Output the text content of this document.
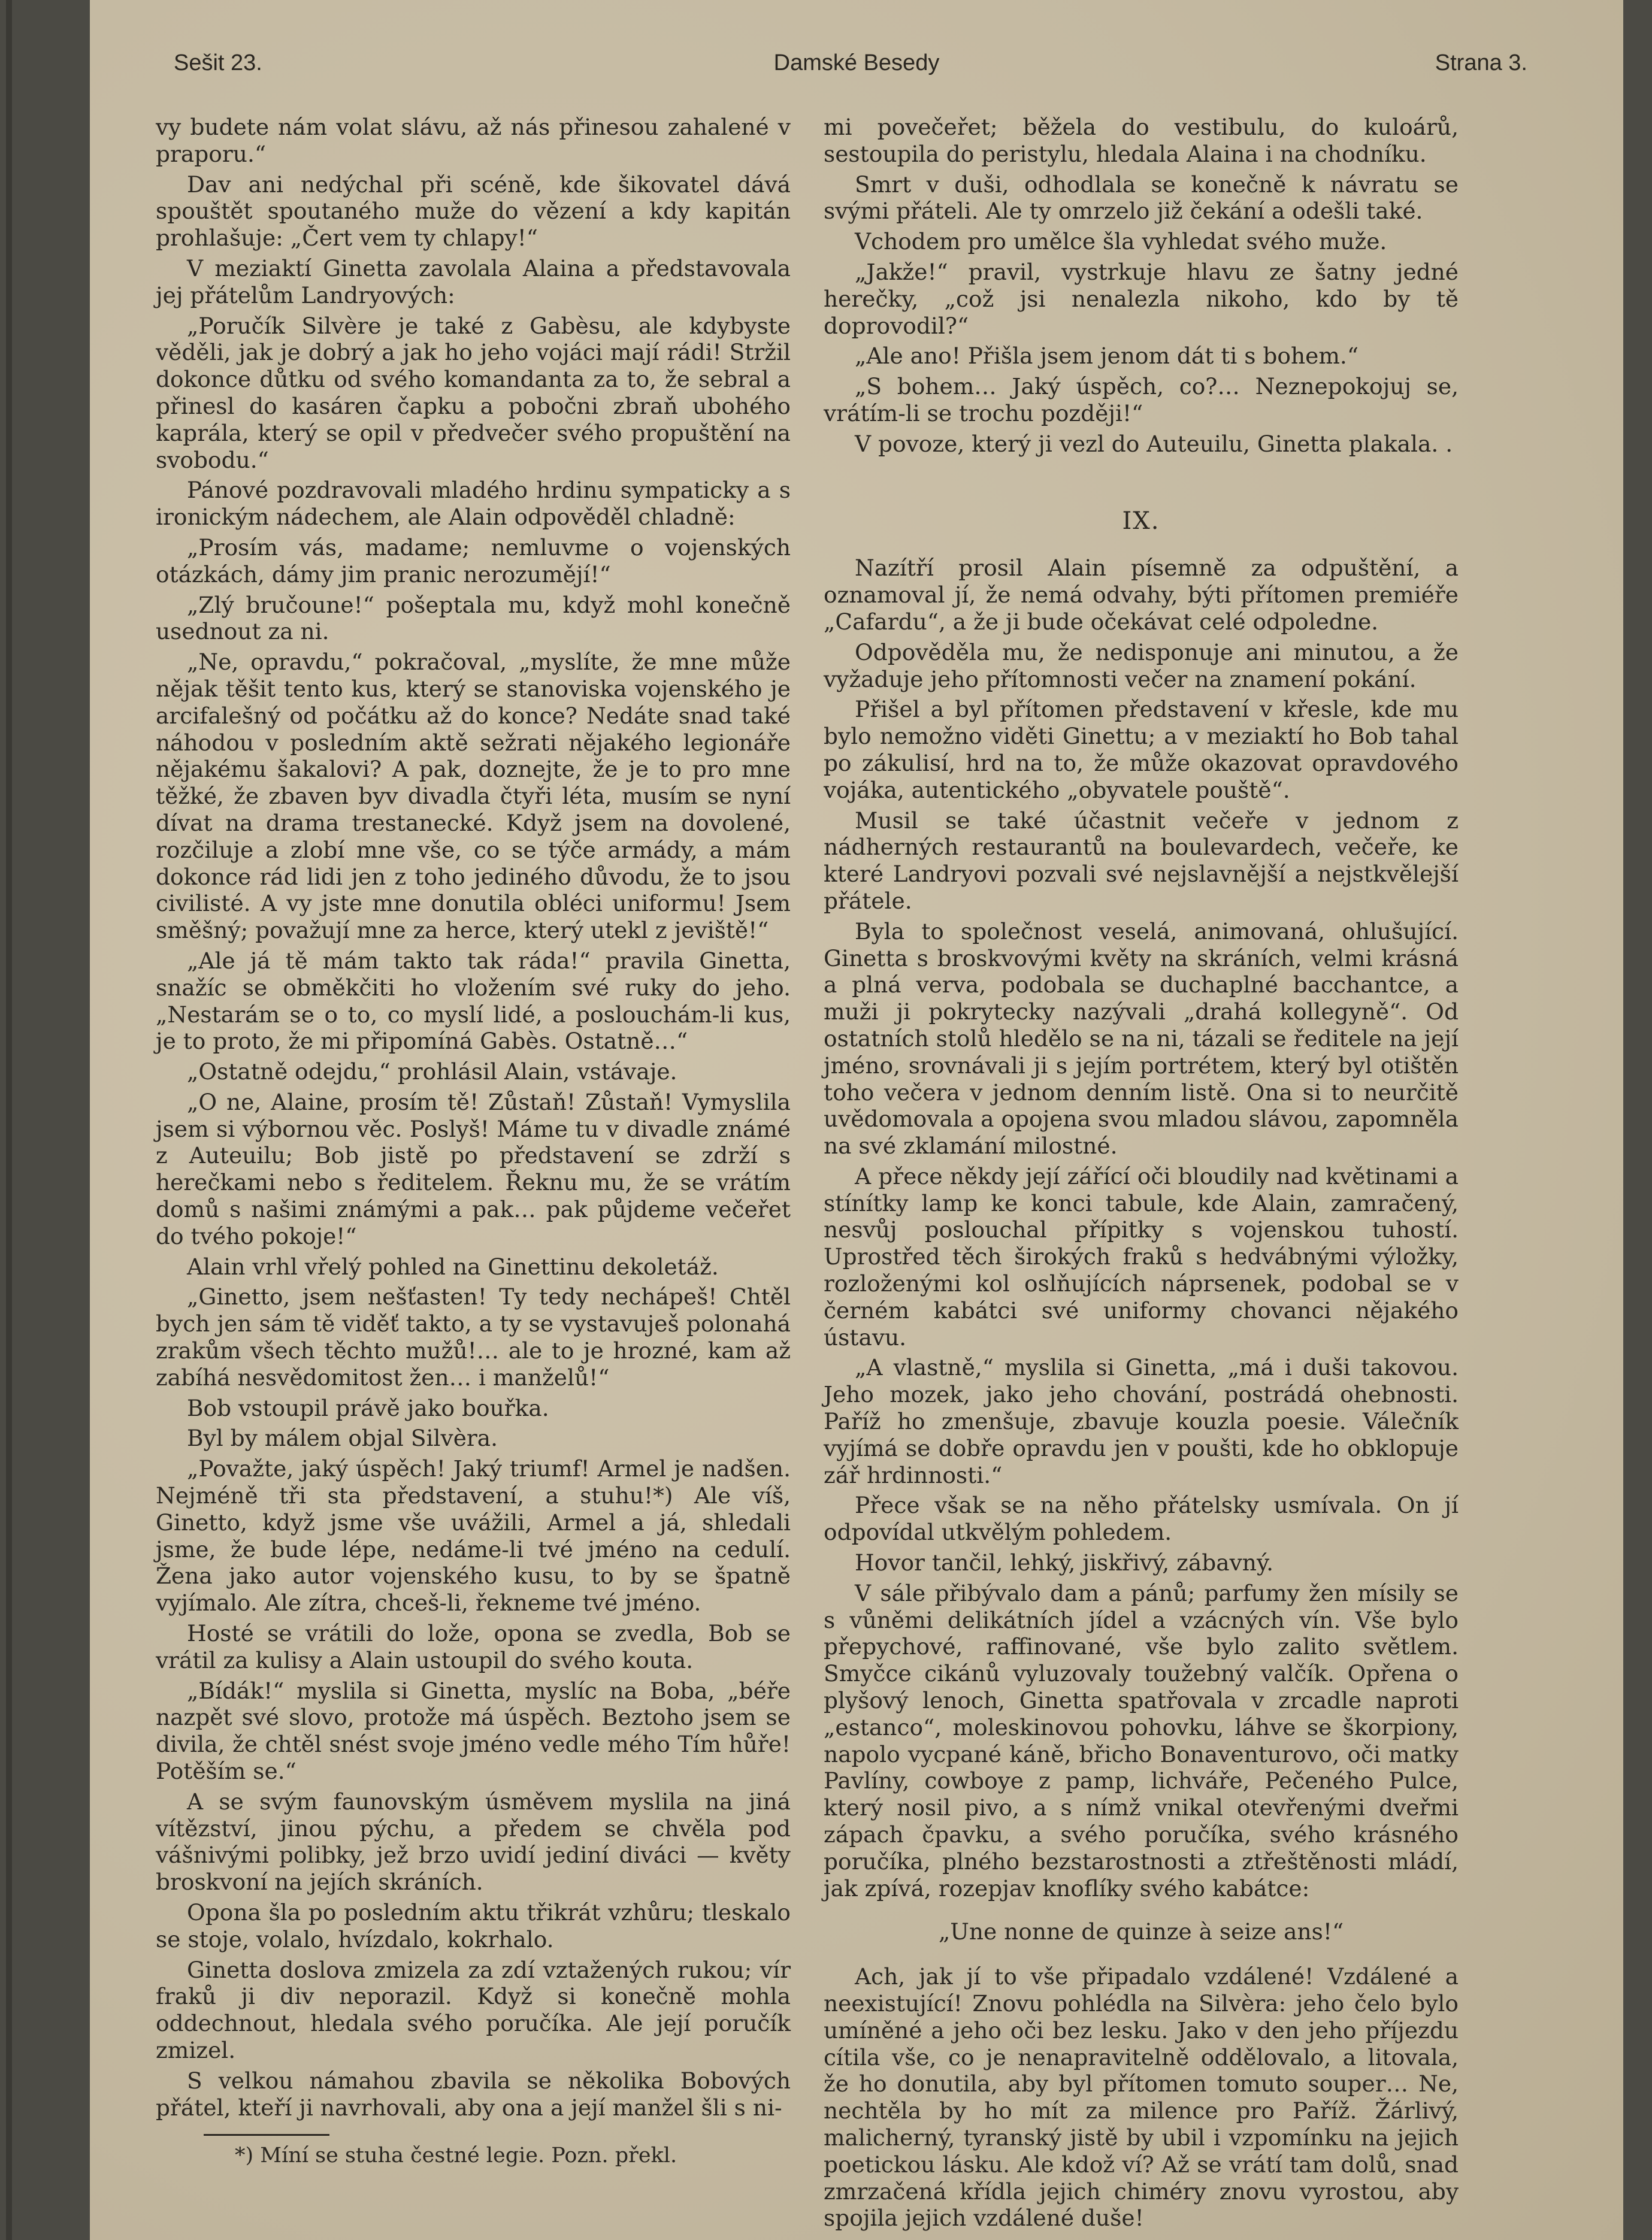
Sešit 23.	Damské Besedy	Strana 3.

vy budete nám volat slávu, až nás přinesou zahalené v praporu.“

Dav ani nedýchal při scéně, kde šikovatel dává spouštět spoutaného muže do vězení a kdy kapitán prohlašuje: „Čert vem ty chlapy!“

V meziaktí Ginetta zavolala Alaina a představovala jej přátelům Landryových:

„Poručík Silvère je také z Gabèsu, ale kdybyste věděli, jak je dobrý a jak ho jeho vojáci mají rádi! Stržil dokonce důtku od svého komandanta za to, že sebral a přinesl do kasáren čapku a pobočni zbraň ubohého kaprála, který se opil v předvečer svého propuštění na svobodu.“

Pánové pozdravovali mladého hrdinu sympaticky a s ironickým nádechem, ale Alain odpověděl chladně:

„Prosím vás, madame; nemluvme o vojenských otázkách, dámy jim pranic nerozumějí!“

„Zlý bručoune!“ pošeptala mu, když mohl konečně usednout za ni.

„Ne, opravdu,“ pokračoval, „myslíte, že mne může nějak těšit tento kus, který se stanoviska vojenského je arcifalešný od počátku až do konce? Nedáte snad také náhodou v posledním aktě sežrati nějakého legionáře nějakému šakalovi? A pak, doznejte, že je to pro mne těžké, že zbaven byv divadla čtyři léta, musím se nyní dívat na drama trestanecké. Když jsem na dovolené, rozčiluje a zlobí mne vše, co se týče armády, a mám dokonce rád lidi jen z toho jediného důvodu, že to jsou civilisté. A vy jste mne donutila obléci uniformu! Jsem směšný; považují mne za herce, který utekl z jeviště!“

„Ale já tě mám takto tak ráda!“ pravila Ginetta, snažíc se obměkčiti ho vložením své ruky do jeho. „Nestarám se o to, co myslí lidé, a poslouchám-li kus, je to proto, že mi připomíná Gabès. Ostatně…“

„Ostatně odejdu,“ prohlásil Alain, vstávaje.

„O ne, Alaine, prosím tě! Zůstaň! Zůstaň! Vymyslila jsem si výbornou věc. Poslyš! Máme tu v divadle známé z Auteuilu; Bob jistě po představení se zdrží s herečkami nebo s ředitelem. Řeknu mu, že se vrátím domů s našimi známými a pak… pak půjdeme večeřet do tvého pokoje!“

Alain vrhl vřelý pohled na Ginettinu dekoletáž.

„Ginetto, jsem nešťasten! Ty tedy nechápeš! Chtěl bych jen sám tě viděť takto, a ty se vystavuješ polonahá zrakům všech těchto mužů!… ale to je hrozné, kam až zabíhá nesvědomitost žen… i manželů!“

Bob vstoupil právě jako bouřka.

Byl by málem objal Silvèra.

„Považte, jaký úspěch! Jaký triumf! Armel je nadšen. Nejméně tři sta představení, a stuhu!*) Ale víš, Ginetto, když jsme vše uvážili, Armel a já, shledali jsme, že bude lépe, nedáme-li tvé jméno na cedulí. Žena jako autor vojenského kusu, to by se špatně vyjímalo. Ale zítra, chceš-li, řekneme tvé jméno.

Hosté se vrátili do lože, opona se zvedla, Bob se vrátil za kulisy a Alain ustoupil do svého kouta.

„Bídák!“ myslila si Ginetta, myslíc na Boba, „béře nazpět své slovo, protože má úspěch. Beztoho jsem se divila, že chtěl snést svoje jméno vedle mého Tím hůře! Potěším se.“

A se svým faunovským úsměvem myslila na jiná vítězství, jinou pýchu, a předem se chvěla pod vášnivými polibky, jež brzo uvidí jediní diváci — květy broskvoní na jejích skráních.

Opona šla po posledním aktu třikrát vzhůru; tleskalo se stoje, volalo, hvízdalo, kokrhalo.

Ginetta doslova zmizela za zdí vztažených rukou; vír fraků ji div neporazil. Když si konečně mohla oddechnout, hledala svého poručíka. Ale její poručík zmizel.

S velkou námahou zbavila se několika Bobových přátel, kteří ji navrhovali, aby ona a její manžel šli s ni-

*) Míní se stuha čestné legie. Pozn. překl.

mi povečeřet; běžela do vestibulu, do kuloárů, sestoupila do peristylu, hledala Alaina i na chodníku.

Smrt v duši, odhodlala se konečně k návratu se svými přáteli. Ale ty omrzelo již čekání a odešli také.

Vchodem pro umělce šla vyhledat svého muže.

„Jakže!“ pravil, vystrkuje hlavu ze šatny jedné herečky, „což jsi nenalezla nikoho, kdo by tě doprovodil?“

„Ale ano! Přišla jsem jenom dát ti s bohem.“

„S bohem… Jaký úspěch, co?… Neznepokojuj se, vrátím-li se trochu později!“

V povoze, který ji vezl do Auteuilu, Ginetta plakala. .

IX.

Nazítří prosil Alain písemně za odpuštění, a oznamoval jí, že nemá odvahy, býti přítomen premiéře „Cafardu“, a že ji bude očekávat celé odpoledne.

Odpověděla mu, že nedisponuje ani minutou, a že vyžaduje jeho přítomnosti večer na znamení pokání.

Přišel a byl přítomen představení v křesle, kde mu bylo nemožno viděti Ginettu; a v meziaktí ho Bob tahal po zákulisí, hrd na to, že může okazovat opravdového vojáka, autentického „obyvatele pouště“.

Musil se také účastnit večeře v jednom z nádherných restaurantů na boulevardech, večeře, ke které Landryovi pozvali své nejslavnější a nejstkvělejší přátele.

Byla to společnost veselá, animovaná, ohlušující. Ginetta s broskvovými květy na skráních, velmi krásná a plná verva, podobala se duchaplné bacchantce, a muži ji pokrytecky nazývali „drahá kollegyně“. Od ostatních stolů hledělo se na ni, tázali se ředitele na její jméno, srovnávali ji s jejím portrétem, který byl otištěn toho večera v jednom denním listě. Ona si to neurčitě uvědomovala a opojena svou mladou slávou, zapomněla na své zklamání milostné.

A přece někdy její zářící oči bloudily nad květinami a stínítky lamp ke konci tabule, kde Alain, zamračený, nesvůj poslouchal přípitky s vojenskou tuhostí. Uprostřed těch širokých fraků s hedvábnými výložky, rozloženými kol oslňujících náprsenek, podobal se v černém kabátci své uniformy chovanci nějakého ústavu.

„A vlastně,“ myslila si Ginetta, „má i duši takovou. Jeho mozek, jako jeho chování, postrádá ohebnosti. Paříž ho zmenšuje, zbavuje kouzla poesie. Válečník vyjímá se dobře opravdu jen v poušti, kde ho obklopuje zář hrdinnosti.“

Přece však se na něho přátelsky usmívala. On jí odpovídal utkvělým pohledem.

Hovor tančil, lehký, jiskřivý, zábavný.

V sále přibývalo dam a pánů; parfumy žen mísily se s vůněmi delikátních jídel a vzácných vín. Vše bylo přepychové, raffinované, vše bylo zalito světlem. Smyčce cikánů vyluzovaly toužebný valčík. Opřena o plyšový lenoch, Ginetta spatřovala v zrcadle naproti „estanco“, moleskinovou pohovku, láhve se škorpiony, napolo vycpané káně, břicho Bonaventurovo, oči matky Pavlíny, cowboye z pamp, lichváře, Pečeného Pulce, který nosil pivo, a s nímž vnikal otevřenými dveřmi zápach čpavku, a svého poručíka, svého krásného poručíka, plného bezstarostnosti a ztřeštěnosti mládí, jak zpívá, rozepjav knoflíky svého kabátce:

„Une nonne de quinze à seize ans!“

Ach, jak jí to vše připadalo vzdálené! Vzdálené a neexistující! Znovu pohlédla na Silvèra: jeho čelo bylo umíněné a jeho oči bez lesku. Jako v den jeho příjezdu cítila vše, co je nenapravitelně oddělovalo, a litovala, že ho donutila, aby byl přítomen tomuto souper… Ne, nechtěla by ho mít za milence pro Paříž. Žárlivý, malicherný, tyranský jistě by ubil i vzpomínku na jejich poetickou lásku. Ale kdož ví? Až se vrátí tam dolů, snad zmrzačená křídla jejich chiméry znovu vyrostou, aby spojila jejich vzdálené duše!
